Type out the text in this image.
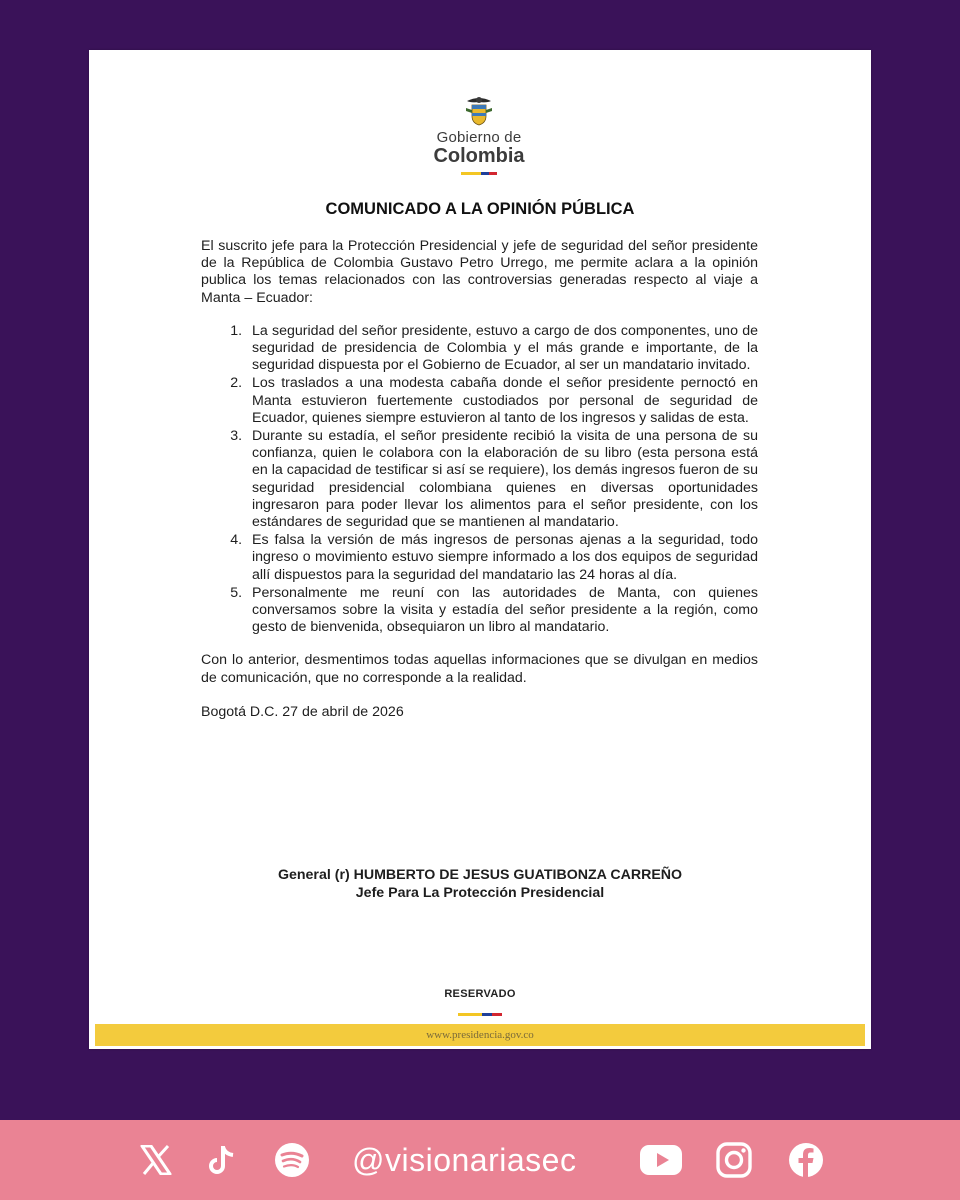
Gobierno de
Colombia
COMUNICADO A LA OPINIÓN PÚBLICA

El suscrito jefe para la Protección Presidencial y jefe de seguridad del señor presidente de la República de Colombia Gustavo Petro Urrego, me permite aclara a la opinión publica los temas relacionados con las controversias generadas respecto al viaje a Manta – Ecuador:

1. La seguridad del señor presidente, estuvo a cargo de dos componentes, uno de seguridad de presidencia de Colombia y el más grande e importante, de la seguridad dispuesta por el Gobierno de Ecuador, al ser un mandatario invitado.
2. Los traslados a una modesta cabaña donde el señor presidente pernoctó en Manta estuvieron fuertemente custodiados por personal de seguridad de Ecuador, quienes siempre estuvieron al tanto de los ingresos y salidas de esta.
3. Durante su estadía, el señor presidente recibió la visita de una persona de su confianza, quien le colabora con la elaboración de su libro (esta persona está en la capacidad de testificar si así se requiere), los demás ingresos fueron de su seguridad presidencial colombiana quienes en diversas oportunidades ingresaron para poder llevar los alimentos para el señor presidente, con los estándares de seguridad que se mantienen al mandatario.
4. Es falsa la versión de más ingresos de personas ajenas a la seguridad, todo ingreso o movimiento estuvo siempre informado a los dos equipos de seguridad allí dispuestos para la seguridad del mandatario las 24 horas al día.
5. Personalmente me reuní con las autoridades de Manta, con quienes conversamos sobre la visita y estadía del señor presidente a la región, como gesto de bienvenida, obsequiaron un libro al mandatario.

Con lo anterior, desmentimos todas aquellas informaciones que se divulgan en medios de comunicación, que no corresponde a la realidad.

Bogotá D.C. 27 de abril de 2026

General (r) HUMBERTO DE JESUS GUATIBONZA CARREÑO
Jefe Para La Protección Presidencial
RESERVADO
www.presidencia.gov.co
@visionariasec
